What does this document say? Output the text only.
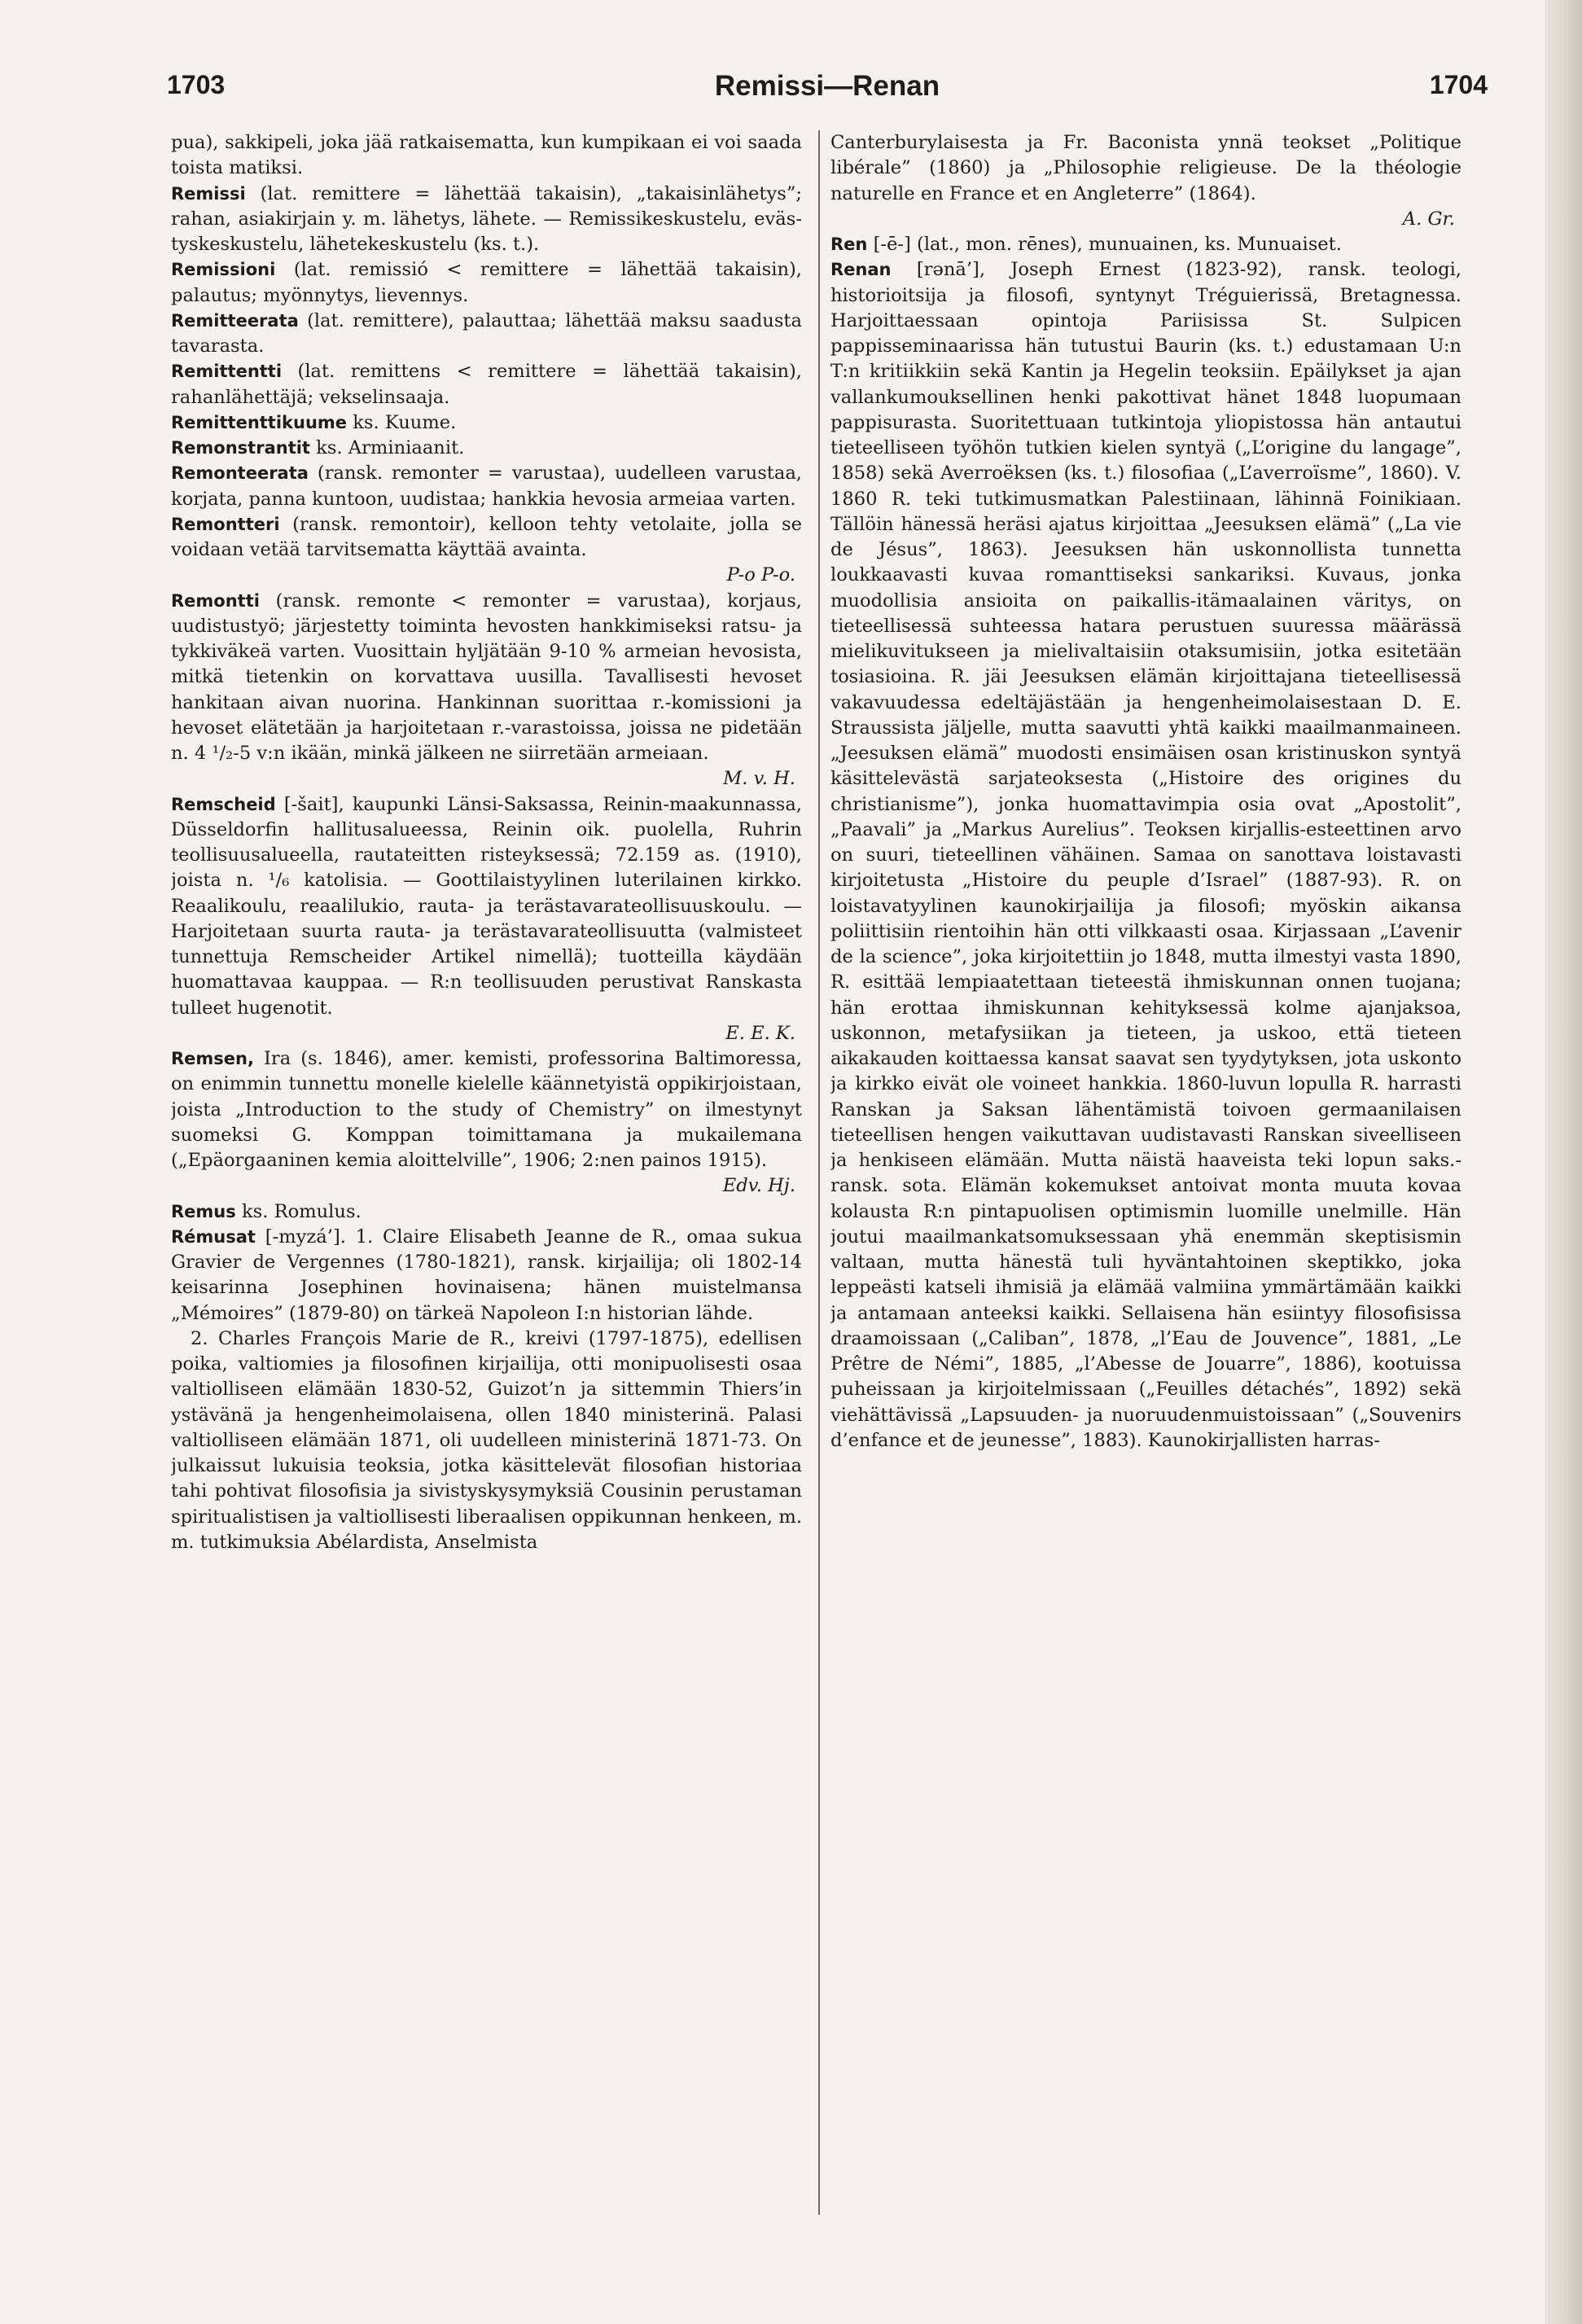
1703	Remissi—Renan	1704

pua), sakkipeli, joka jää ratkaisematta, kun kumpikaan ei voi saada toista matiksi.

Remissi (lat. remittere = lähettää takaisin), „takaisinlähetys”; rahan, asiakirjain y. m. lähetys, lähete. — Remissikeskustelu, eväs-tyskeskustelu, lähetekeskustelu (ks. t.).

Remissioni (lat. remissió < remittere = lähettää takaisin), palautus; myönnytys, lievennys.

Remitteerata (lat. remittere), palauttaa; lähettää maksu saadusta tavarasta.

Remittentti (lat. remittens < remittere = lähettää takaisin), rahanlähettäjä; vekselinsaaja.

Remittenttikuume ks. Kuume.

Remonstrantit ks. Arminiaanit.

Remonteerata (ransk. remonter = varustaa), uudelleen varustaa, korjata, panna kuntoon, uudistaa; hankkia hevosia armeiaa varten.

Remontteri (ransk. remontoir), kelloon tehty vetolaite, jolla se voidaan vetää tarvitsematta käyttää avainta.
P-o P-o.

Remontti (ransk. remonte < remonter = varustaa), korjaus, uudistustyö; järjestetty toiminta hevosten hankkimiseksi ratsu- ja tykkiväkeä varten. Vuosittain hyljätään 9-10 % armeian hevosista, mitkä tietenkin on korvattava uusilla. Tavallisesti hevoset hankitaan aivan nuorina. Hankinnan suorittaa r.-komissioni ja hevoset elätetään ja harjoitetaan r.-varastoissa, joissa ne pidetään n. 4 ¹/₂-5 v:n ikään, minkä jälkeen ne siirretään armeiaan.
M. v. H.

Remscheid [-šait], kaupunki Länsi-Saksassa, Reinin-maakunnassa, Düsseldorfin hallitusalueessa, Reinin oik. puolella, Ruhrin teollisuusalueella, rautateitten risteyksessä; 72.159 as. (1910), joista n. ¹/₆ katolisia. — Goottilaistyylinen luterilainen kirkko. Reaalikoulu, reaalilukio, rauta- ja terästavarateollisuuskoulu. — Harjoitetaan suurta rauta- ja terästavarateollisuutta (valmisteet tunnettuja Remscheider Artikel nimellä); tuotteilla käydään huomattavaa kauppaa. — R:n teollisuuden perustivat Ranskasta tulleet hugenotit.
E. E. K.

Remsen, Ira (s. 1846), amer. kemisti, professorina Baltimoressa, on enimmin tunnettu monelle kielelle käännetyistä oppikirjoistaan, joista „Introduction to the study of Chemistry” on ilmestynyt suomeksi G. Komppan toimittamana ja mukailemana („Epäorgaaninen kemia aloittelville”, 1906; 2:nen painos 1915).
Edv. Hj.

Remus ks. Romulus.

Rémusat [-myzá’]. 1. Claire Elisabeth Jeanne de R., omaa sukua Gravier de Vergennes (1780-1821), ransk. kirjailija; oli 1802-14 keisarinna Josephinen hovinaisena; hänen muistelmansa „Mémoires” (1879-80) on tärkeä Napoleon I:n historian lähde.

2. Charles François Marie de R., kreivi (1797-1875), edellisen poika, valtiomies ja filosofinen kirjailija, otti monipuolisesti osaa valtiolliseen elämään 1830-52, Guizot’n ja sittemmin Thiers’in ystävänä ja hengenheimolaisena, ollen 1840 ministerinä. Palasi valtiolliseen elämään 1871, oli uudelleen ministerinä 1871-73. On julkaissut lukuisia teoksia, jotka käsittelevät filosofian historiaa tahi pohtivat filosofisia ja sivistyskysymyksiä Cousinin perustaman spiritualistisen ja valtiollisesti liberaalisen oppikunnan henkeen, m. m. tutkimuksia Abélardista, Anselmista

Canterburylaisesta ja Fr. Baconista ynnä teokset „Politique libérale” (1860) ja „Philosophie religieuse. De la théologie naturelle en France et en Angleterre” (1864).
A. Gr.

Ren [-ē-] (lat., mon. rēnes), munuainen, ks. Munuaiset.

Renan [rənā’], Joseph Ernest (1823-92), ransk. teologi, historioitsija ja filosofi, syntynyt Tréguierissä, Bretagnessa. Harjoittaessaan opintoja Pariisissa St. Sulpicen pappisseminaarissa hän tutustui Baurin (ks. t.) edustamaan U:n T:n kritiikkiin sekä Kantin ja Hegelin teoksiin. Epäilykset ja ajan vallankumouksellinen henki pakottivat hänet 1848 luopumaan pappisurasta. Suoritettuaan tutkintoja yliopistossa hän antautui tieteelliseen työhön tutkien kielen syntyä („L’origine du langage”, 1858) sekä Averroëksen (ks. t.) filosofiaa („L’averroïsme”, 1860). V. 1860 R. teki tutkimusmatkan Palestiinaan, lähinnä Foinikiaan. Tällöin hänessä heräsi ajatus kirjoittaa „Jeesuksen elämä” („La vie de Jésus”, 1863). Jeesuksen hän uskonnollista tunnetta loukkaavasti kuvaa romanttiseksi sankariksi. Kuvaus, jonka muodollisia ansioita on paikallis-itämaalainen väritys, on tieteellisessä suhteessa hatara perustuen suuressa määrässä mielikuvitukseen ja mielivaltaisiin otaksumisiin, jotka esitetään tosiasioina. R. jäi Jeesuksen elämän kirjoittajana tieteellisessä vakavuudessa edeltäjästään ja hengenheimolaisestaan D. E. Straussista jäljelle, mutta saavutti yhtä kaikki maailmanmaineen. „Jeesuksen elämä” muodosti ensimäisen osan kristinuskon syntyä käsittelevästä sarjateoksesta („Histoire des origines du christianisme”), jonka huomattavimpia osia ovat „Apostolit”, „Paavali” ja „Markus Aurelius”. Teoksen kirjallis-esteettinen arvo on suuri, tieteellinen vähäinen. Samaa on sanottava loistavasti kirjoitetusta „Histoire du peuple d’Israel” (1887-93). R. on loistavatyylinen kaunokirjailija ja filosofi; myöskin aikansa poliittisiin rientoihin hän otti vilkkaasti osaa. Kirjassaan „L’avenir de la science”, joka kirjoitettiin jo 1848, mutta ilmestyi vasta 1890, R. esittää lempiaatettaan tieteestä ihmiskunnan onnen tuojana; hän erottaa ihmiskunnan kehityksessä kolme ajanjaksoa, uskonnon, metafysiikan ja tieteen, ja uskoo, että tieteen aikakauden koittaessa kansat saavat sen tyydytyksen, jota uskonto ja kirkko eivät ole voineet hankkia. 1860-luvun lopulla R. harrasti Ranskan ja Saksan lähentämistä toivoen germaanilaisen tieteellisen hengen vaikuttavan uudistavasti Ranskan siveelliseen ja henkiseen elämään. Mutta näistä haaveista teki lopun saks.-ransk. sota. Elämän kokemukset antoivat monta muuta kovaa kolausta R:n pintapuolisen optimismin luomille unelmille. Hän joutui maailmankatsomuksessaan yhä enemmän skeptisismin valtaan, mutta hänestä tuli hyväntahtoinen skeptikko, joka leppeästi katseli ihmisiä ja elämää valmiina ymmärtämään kaikki ja antamaan anteeksi kaikki. Sellaisena hän esiintyy filosofisissa draamoissaan („Caliban”, 1878, „l’Eau de Jouvence”, 1881, „Le Prêtre de Némi”, 1885, „l’Abesse de Jouarre”, 1886), kootuissa puheissaan ja kirjoitelmissaan („Feuilles détachés”, 1892) sekä viehättävissä „Lapsuuden- ja nuoruudenmuistoissaan” („Souvenirs d’enfance et de jeunesse”, 1883). Kaunokirjallisten harras-
